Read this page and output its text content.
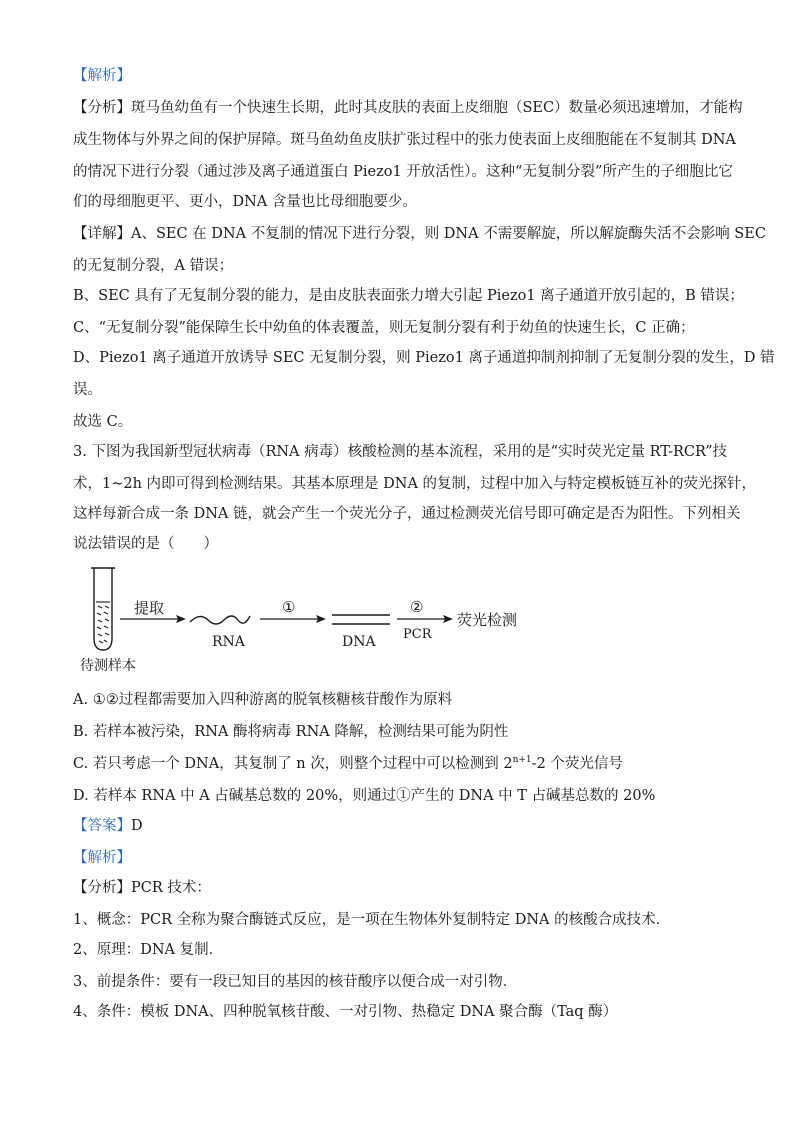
【解析】
【分析】斑马鱼幼鱼有一个快速生长期，此时其皮肤的表面上皮细胞（SEC）数量必须迅速增加，才能构
成生物体与外界之间的保护屏障。斑马鱼幼鱼皮肤扩张过程中的张力使表面上皮细胞能在不复制其 DNA
的情况下进行分裂（通过涉及离子通道蛋白 Piezo1 开放活性）。这种“无复制分裂”所产生的子细胞比它
们的母细胞更平、更小，DNA 含量也比母细胞要少。
【详解】A、SEC 在 DNA 不复制的情况下进行分裂，则 DNA 不需要解旋，所以解旋酶失活不会影响 SEC
的无复制分裂，A 错误；
B、SEC 具有了无复制分裂的能力，是由皮肤表面张力增大引起 Piezo1 离子通道开放引起的，B 错误；
C、“无复制分裂”能保障生长中幼鱼的体表覆盖，则无复制分裂有利于幼鱼的快速生长，C 正确；
D、Piezo1 离子通道开放诱导 SEC 无复制分裂，则 Piezo1 离子通道抑制剂抑制了无复制分裂的发生，D 错
误。
故选 C。
3. 下图为我国新型冠状病毒（RNA 病毒）核酸检测的基本流程，采用的是“实时荧光定量 RT-RCR”技
术，1~2h 内即可得到检测结果。其基本原理是 DNA 的复制，过程中加入与特定模板链互补的荧光探针，
这样每新合成一条 DNA 链，就会产生一个荧光分子，通过检测荧光信号即可确定是否为阳性。下列相关
说法错误的是（　　）
提取
RNA
①
DNA
②
PCR
荧光检测
待测样本
A. ①②过程都需要加入四种游离的脱氧核糖核苷酸作为原料
B. 若样本被污染，RNA 酶将病毒 RNA 降解，检测结果可能为阴性
C. 若只考虑一个 DNA，其复制了 n 次，则整个过程中可以检测到 $2^{n+1}-2$ 个荧光信号
D. 若样本 RNA 中 A 占碱基总数的 20%，则通过①产生的 DNA 中 T 占碱基总数的 20%
【答案】D
【解析】
【分析】PCR 技术：
1、概念：PCR 全称为聚合酶链式反应，是一项在生物体外复制特定 DNA 的核酸合成技术．
2、原理：DNA 复制．
3、前提条件：要有一段已知目的基因的核苷酸序以便合成一对引物．
4、条件：模板 DNA、四种脱氧核苷酸、一对引物、热稳定 DNA 聚合酶（Taq 酶）
